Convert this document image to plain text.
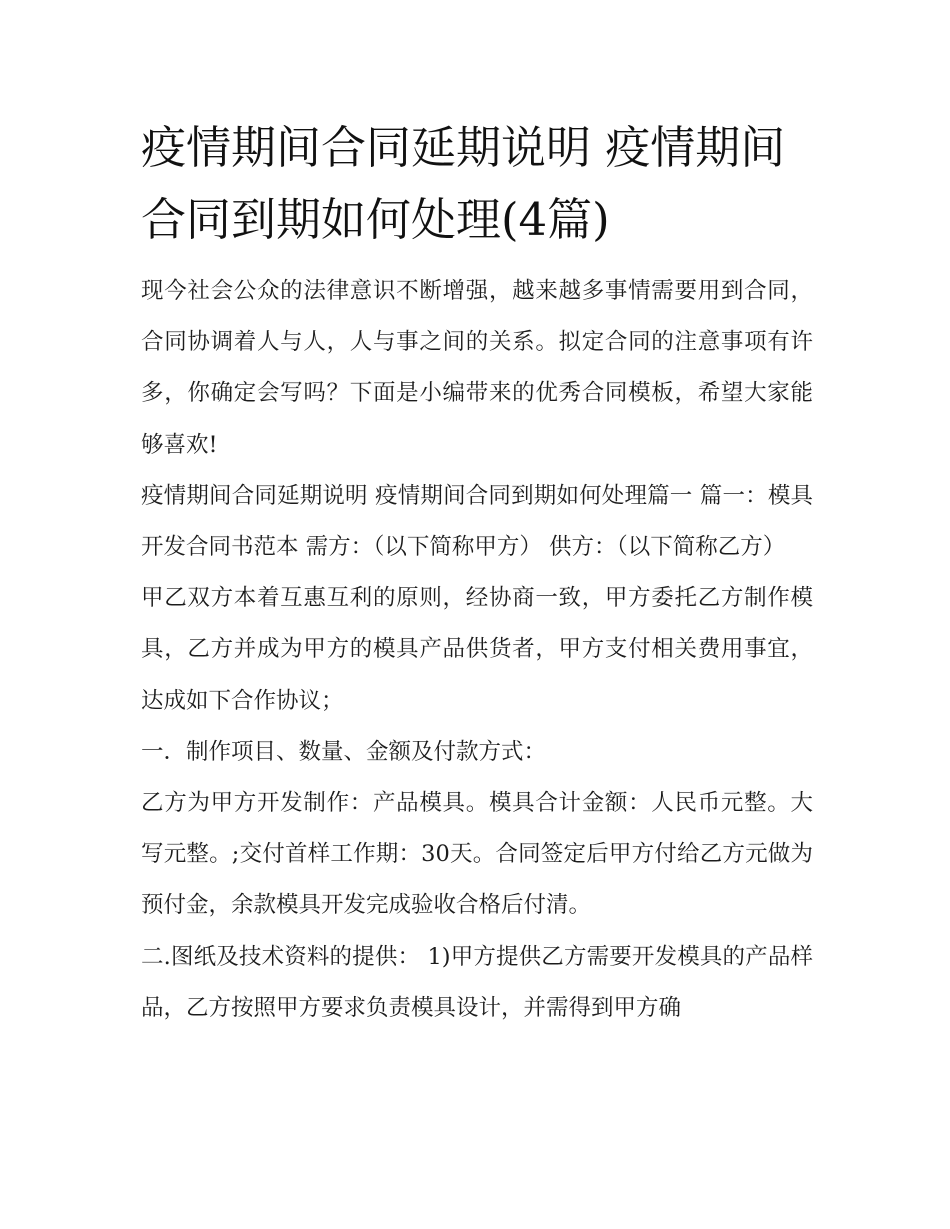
疫情期间合同延期说明 疫情期间合同到期如何处理(4篇)

现今社会公众的法律意识不断增强，越来越多事情需要用到合同，合同协调着人与人，人与事之间的关系。拟定合同的注意事项有许多，你确定会写吗？下面是小编带来的优秀合同模板，希望大家能够喜欢!

疫情期间合同延期说明 疫情期间合同到期如何处理篇一 篇一：模具开发合同书范本 需方：（以下简称甲方） 供方：（以下简称乙方）

甲乙双方本着互惠互利的原则，经协商一致，甲方委托乙方制作模具，乙方并成为甲方的模具产品供货者，甲方支付相关费用事宜，达成如下合作协议；

一．制作项目、数量、金额及付款方式：

乙方为甲方开发制作：产品模具。模具合计金额：人民币元整。大写元整。;交付首样工作期：30天。合同签定后甲方付给乙方元做为预付金，余款模具开发完成验收合格后付清。

二.图纸及技术资料的提供： 1)甲方提供乙方需要开发模具的产品样品，乙方按照甲方要求负责模具设计，并需得到甲方确
